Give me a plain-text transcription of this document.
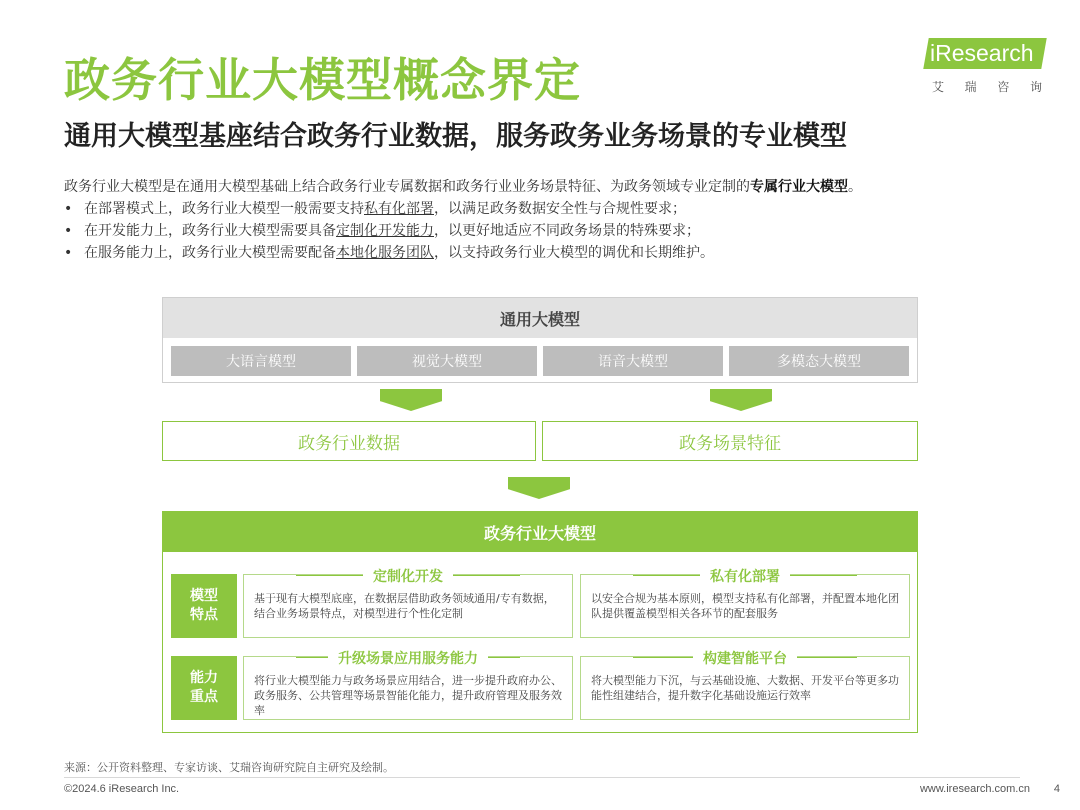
政务行业大模型概念界定
通用大模型基座结合政务行业数据，服务政务业务场景的专业模型
iResearch
艾 瑞 咨 询
政务行业大模型是在通用大模型基础上结合政务行业专属数据和政务行业业务场景特征、为政务领域专业定制的专属行业大模型。
• 在部署模式上，政务行业大模型一般需要支持私有化部署，以满足政务数据安全性与合规性要求；
• 在开发能力上，政务行业大模型需要具备定制化开发能力，以更好地适应不同政务场景的特殊要求；
• 在服务能力上，政务行业大模型需要配备本地化服务团队，以支持政务行业大模型的调优和长期维护。
通用大模型
大语言模型	视觉大模型	语音大模型	多模态大模型
政务行业数据	政务场景特征
政务行业大模型
模型
特点
定制化开发
基于现有大模型底座，在数据层借助政务领域通用/专有数据，结合业务场景特点，对模型进行个性化定制
私有化部署
以安全合规为基本原则，模型支持私有化部署，并配置本地化团队提供覆盖模型相关各环节的配套服务
能力
重点
升级场景应用服务能力
将行业大模型能力与政务场景应用结合，进一步提升政府办公、政务服务、公共管理等场景智能化能力，提升政府管理及服务效率
构建智能平台
将大模型能力下沉，与云基础设施、大数据、开发平台等更多功能性组建结合，提升数字化基础设施运行效率
来源：公开资料整理、专家访谈、艾瑞咨询研究院自主研究及绘制。
©2024.6 iResearch Inc.	www.iresearch.com.cn 4
